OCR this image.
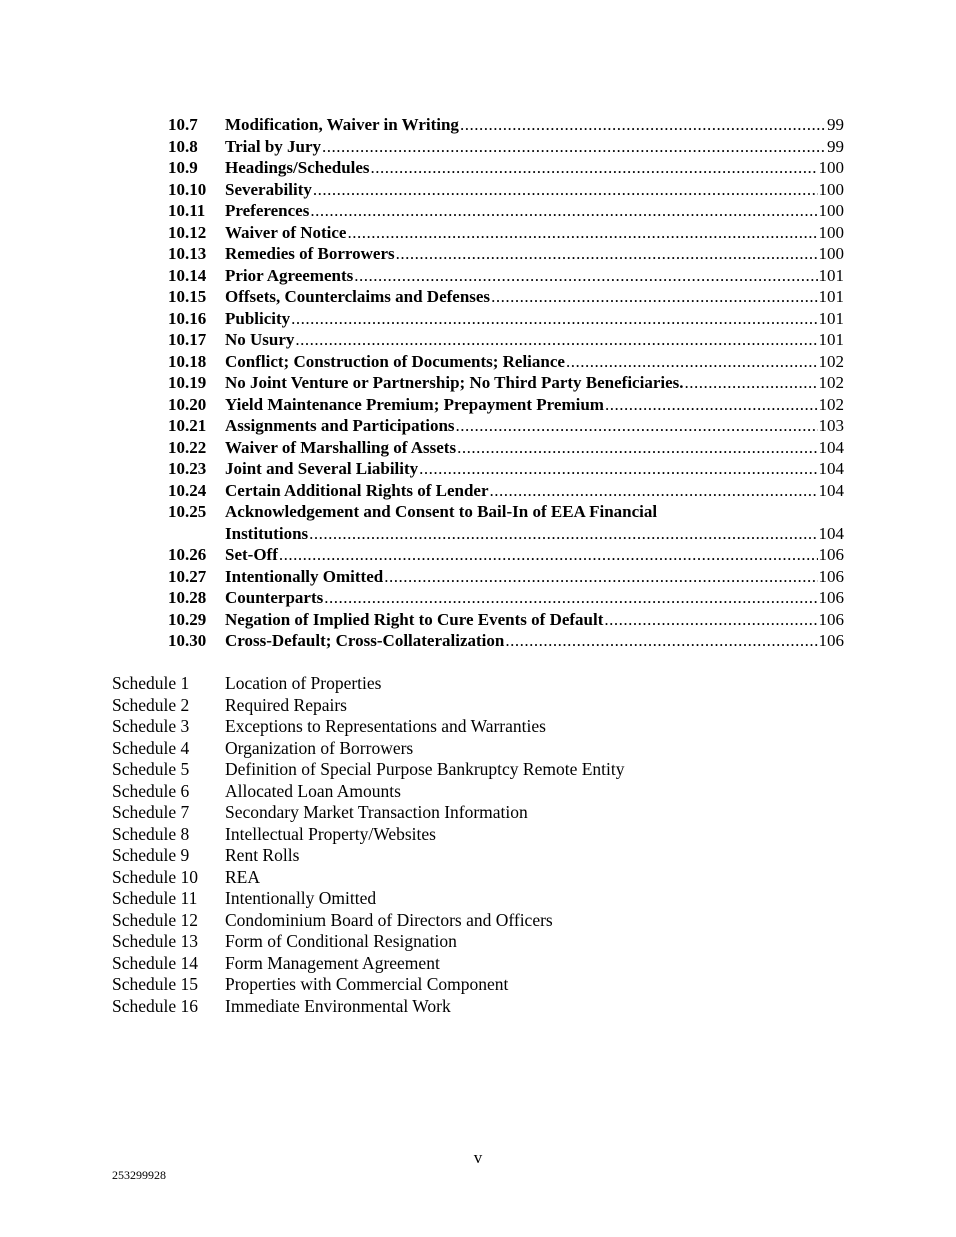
10.7	Modification, Waiver in Writing .....	99
10.8	Trial by Jury .....	99
10.9	Headings/Schedules .....	100
10.10	Severability .....	100
10.11	Preferences .....	100
10.12	Waiver of Notice .....	100
10.13	Remedies of Borrowers .....	100
10.14	Prior Agreements .....	101
10.15	Offsets, Counterclaims and Defenses .....	101
10.16	Publicity .....	101
10.17	No Usury .....	101
10.18	Conflict; Construction of Documents; Reliance .....	102
10.19	No Joint Venture or Partnership; No Third Party Beneficiaries. .....	102
10.20	Yield Maintenance Premium; Prepayment Premium .....	102
10.21	Assignments and Participations .....	103
10.22	Waiver of Marshalling of Assets .....	104
10.23	Joint and Several Liability .....	104
10.24	Certain Additional Rights of Lender .....	104
10.25	Acknowledgement and Consent to Bail-In of EEA Financial
Institutions .....	104
10.26	Set-Off .....	106
10.27	Intentionally Omitted .....	106
10.28	Counterparts .....	106
10.29	Negation of Implied Right to Cure Events of Default .....	106
10.30	Cross-Default; Cross-Collateralization .....	106
Schedule 1	Location of Properties
Schedule 2	Required Repairs
Schedule 3	Exceptions to Representations and Warranties
Schedule 4	Organization of Borrowers
Schedule 5	Definition of Special Purpose Bankruptcy Remote Entity
Schedule 6	Allocated Loan Amounts
Schedule 7	Secondary Market Transaction Information
Schedule 8	Intellectual Property/Websites
Schedule 9	Rent Rolls
Schedule 10	REA
Schedule 11	Intentionally Omitted
Schedule 12	Condominium Board of Directors and Officers
Schedule 13	Form of Conditional Resignation
Schedule 14	Form Management Agreement
Schedule 15	Properties with Commercial Component
Schedule 16	Immediate Environmental Work
v
253299928
